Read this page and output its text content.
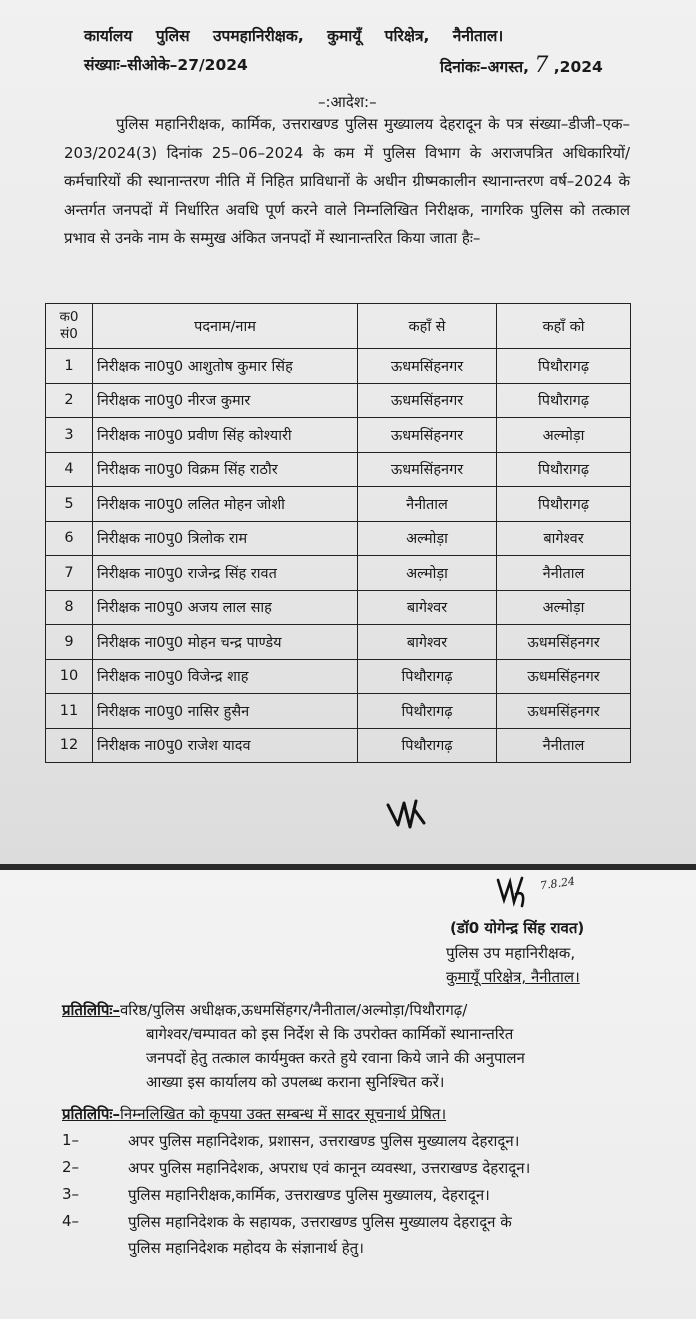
कार्यालय पुलिस उपमहानिरीक्षक, कुमायूँ परिक्षेत्र, नैनीताल।
संख्याः–सीओके–27/2024	दिनांकः–अगस्त, 7 ,2024
–:आदेश:–
पुलिस महानिरीक्षक, कार्मिक, उत्तराखण्ड पुलिस मुख्यालय देहरादून के पत्र संख्या–डीजी–एक–203/2024(3) दिनांक 25–06–2024 के कम में पुलिस विभाग के अराजपत्रित अधिकारियों/कर्मचारियों की स्थानान्तरण नीति में निहित प्राविधानों के अधीन ग्रीष्मकालीन स्थानान्तरण वर्ष–2024 के अन्तर्गत जनपदों में निर्धारित अवधि पूर्ण करने वाले निम्नलिखित निरीक्षक, नागरिक पुलिस को तत्काल प्रभाव से उनके नाम के सम्मुख अंकित जनपदों में स्थानान्तरित किया जाता हैः–
क0 सं0	पदनाम/नाम	कहाँ से	कहाँ को
1	निरीक्षक ना0पु0 आशुतोष कुमार सिंह	ऊधमसिंहनगर	पिथौरागढ़
2	निरीक्षक ना0पु0 नीरज कुमार	ऊधमसिंहनगर	पिथौरागढ़
3	निरीक्षक ना0पु0 प्रवीण सिंह कोश्यारी	ऊधमसिंहनगर	अल्मोड़ा
4	निरीक्षक ना0पु0 विक्रम सिंह राठौर	ऊधमसिंहनगर	पिथौरागढ़
5	निरीक्षक ना0पु0 ललित मोहन जोशी	नैनीताल	पिथौरागढ़
6	निरीक्षक ना0पु0 त्रिलोक राम	अल्मोड़ा	बागेश्वर
7	निरीक्षक ना0पु0 राजेन्द्र सिंह रावत	अल्मोड़ा	नैनीताल
8	निरीक्षक ना0पु0 अजय लाल साह	बागेश्वर	अल्मोड़ा
9	निरीक्षक ना0पु0 मोहन चन्द्र पाण्डेय	बागेश्वर	ऊधमसिंहनगर
10	निरीक्षक ना0पु0 विजेन्द्र शाह	पिथौरागढ़	ऊधमसिंहनगर
11	निरीक्षक ना0पु0 नासिर हुसैन	पिथौरागढ़	ऊधमसिंहनगर
12	निरीक्षक ना0पु0 राजेश यादव	पिथौरागढ़	नैनीताल
7.8.24
(डॉ0 योगेन्द्र सिंह रावत)
पुलिस उप महानिरीक्षक,
कुमायूँ परिक्षेत्र, नैनीताल।
प्रतिलिपिः–वरिष्ठ/पुलिस अधीक्षक,ऊधमसिंहगर/नैनीताल/अल्मोड़ा/पिथौरागढ़/
बागेश्वर/चम्पावत को इस निर्देश से कि उपरोक्त कार्मिकों स्थानान्तरित
जनपदों हेतु तत्काल कार्यमुक्त करते हुये रवाना किये जाने की अनुपालन
आख्या इस कार्यालय को उपलब्ध कराना सुनिश्चित करें।
प्रतिलिपिः–निम्नलिखित को कृपया उक्त सम्बन्ध में सादर सूचनार्थ प्रेषित।
1–	अपर पुलिस महानिदेशक, प्रशासन, उत्तराखण्ड पुलिस मुख्यालय देहरादून।
2–	अपर पुलिस महानिदेशक, अपराध एवं कानून व्यवस्था, उत्तराखण्ड देहरादून।
3–	पुलिस महानिरीक्षक,कार्मिक, उत्तराखण्ड पुलिस मुख्यालय, देहरादून।
4–	पुलिस महानिदेशक के सहायक, उत्तराखण्ड पुलिस मुख्यालय देहरादून के
पुलिस महानिदेशक महोदय के संज्ञानार्थ हेतु।
